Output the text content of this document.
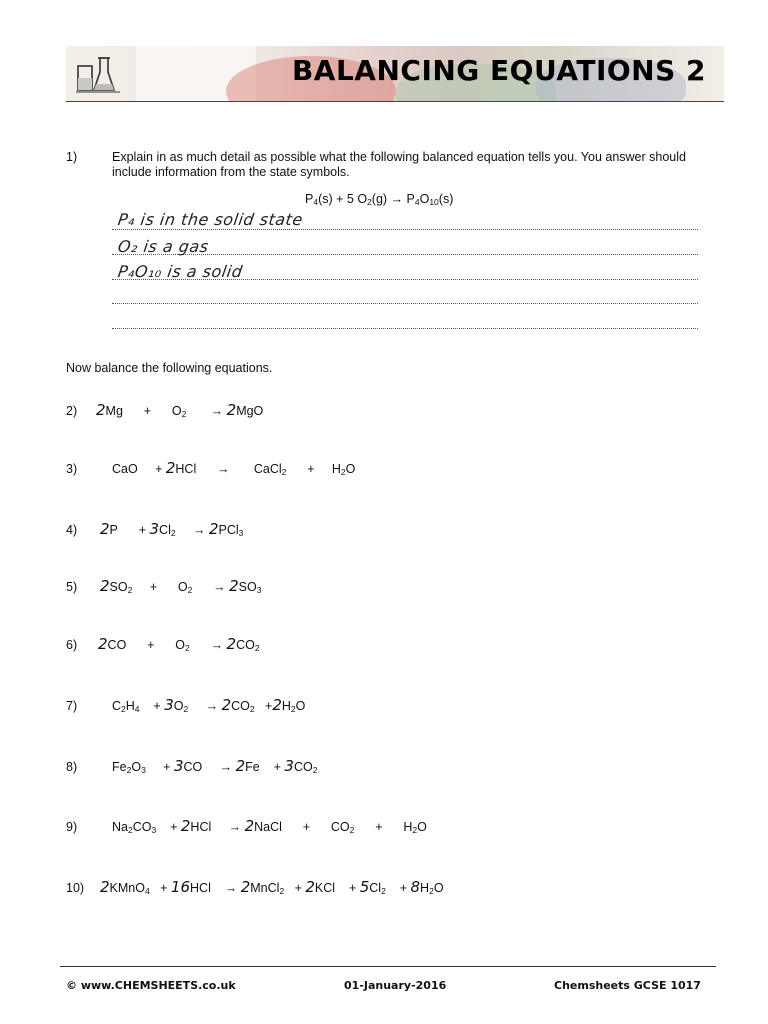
BALANCING EQUATIONS 2
1)	Explain in as much detail as possible what the following balanced equation tells you. You answer should include information from the state symbols.
$P_4(s) + 5$ $O_2(g) \to P_4O_{10}(s)$
P₄ is in the solid state
O₂ is a gas
P₄O₁₀ is a solid
Now balance the following equations.
2) 2Mg      +      $O_2$       → 2MgO
3)	CaO     + 2HCl      →       CaCl$_2$      +     $H_2O$
4) 2P      + $3Cl_2$     → 2PCl$_3$
5) $2SO_2$     +      $O_2$      → $2SO_3$
6) 2CO      +      $O_2$      → $2CO_2$
7)	$C_2H_4$    + $3O_2$     → $2CO_2 +2H_2O$
8)	$Fe_2O_3$     + 3CO     → 2Fe    + $3CO_2$
9)	$Na_2CO_3$    + 2HCl     → 2NaCl      +      $CO_2$      +      $H_2O$
10) 2KMnO$_4$   + 16HCl    → 2MnCl$_2$   + 2KCl    + $5Cl_2$    + $8H_2O$
© www.CHEMSHEETS.co.uk	01-January-2016	Chemsheets GCSE 1017
